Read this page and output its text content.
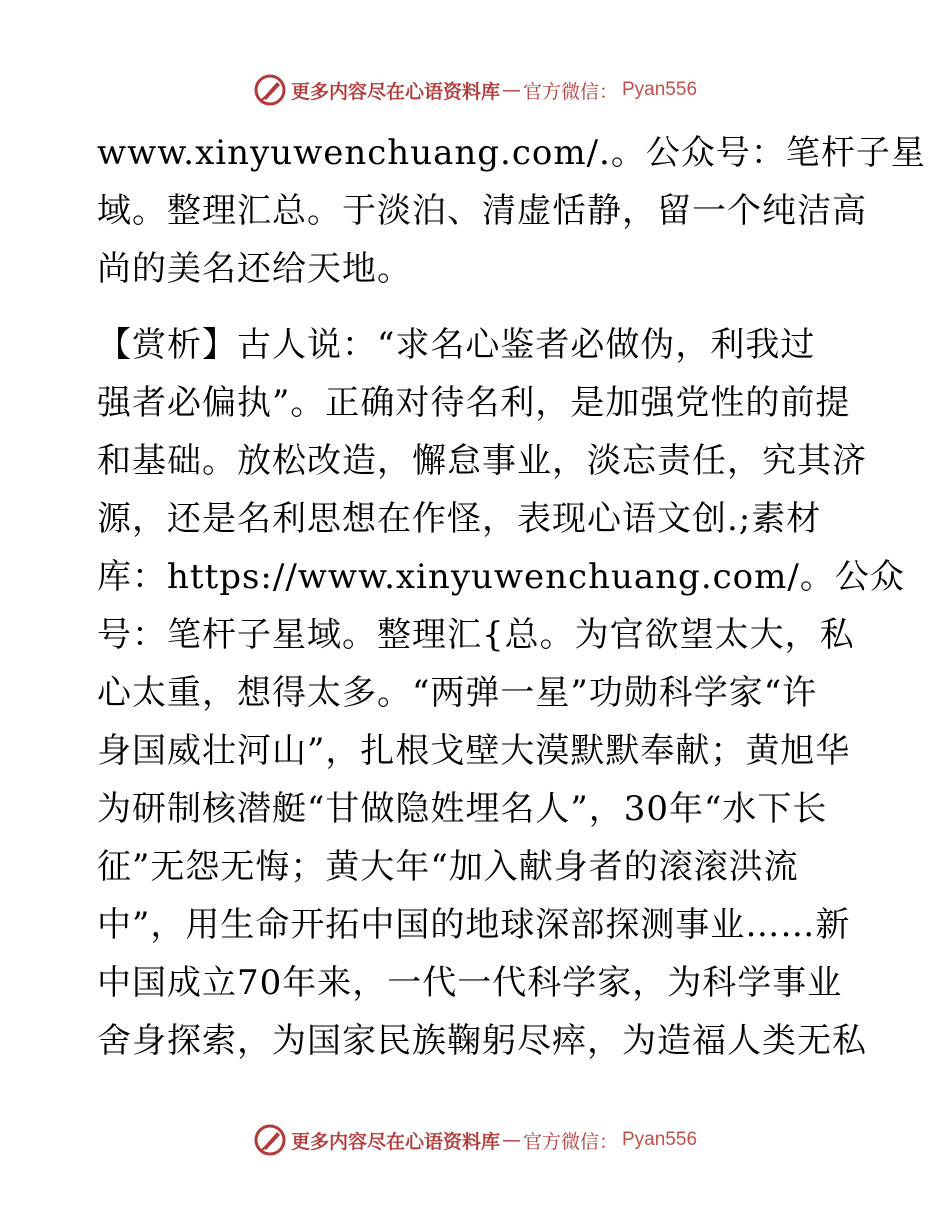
更多内容尽在心语资料库 — 官方微信： Pyan556
www.xinyuwenchuang.com/.。公众号：笔杆子星
域。整理汇总。于淡泊、清虚恬静，留一个纯洁高
尚的美名还给天地。
【赏析】古人说：“求名心鉴者必做伪，利我过
强者必偏执”。正确对待名利，是加强党性的前提
和基础。放松改造，懈怠事业，淡忘责任，究其济
源，还是名利思想在作怪，表现心语文创.;素材
库：https://www.xinyuwenchuang.com/。公众
号：笔杆子星域。整理汇{总。为官欲望太大，私
心太重，想得太多。“两弹一星”功勋科学家“许
身国威壮河山”，扎根戈壁大漠默默奉献；黄旭华
为研制核潜艇“甘做隐姓埋名人”，30年“水下长
征”无怨无悔；黄大年“加入献身者的滚滚洪流
中”，用生命开拓中国的地球深部探测事业……新
中国成立70年来，一代一代科学家，为科学事业
舍身探索，为国家民族鞠躬尽瘁，为造福人类无私
更多内容尽在心语资料库 — 官方微信： Pyan556
